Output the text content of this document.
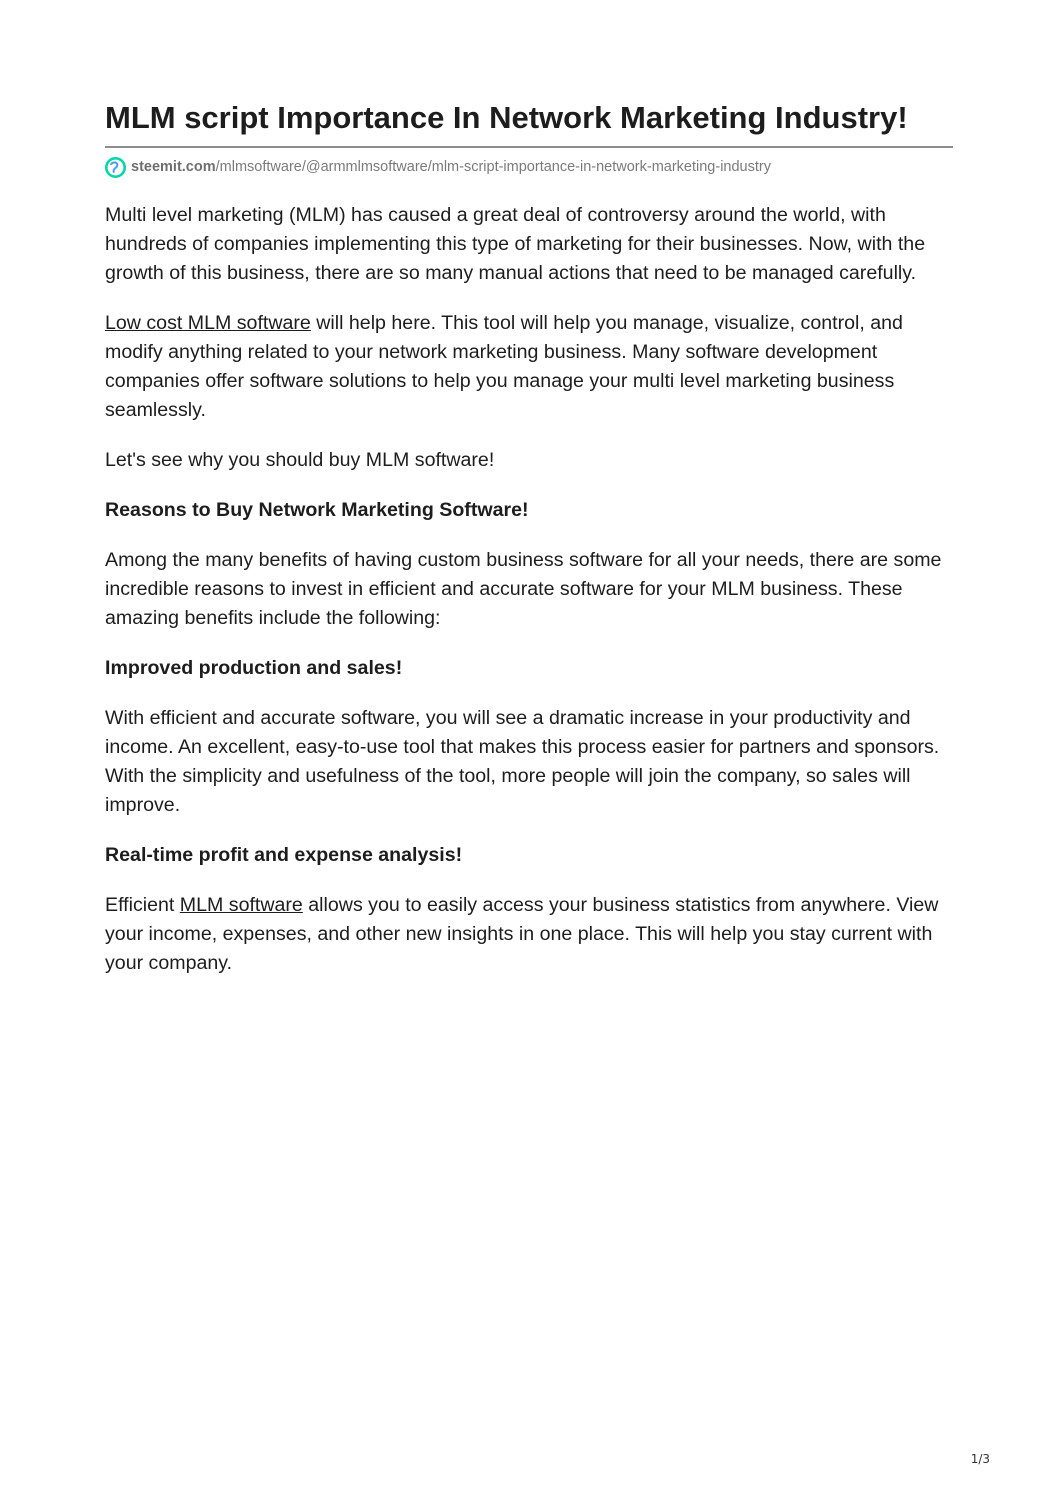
MLM script Importance In Network Marketing Industry!
steemit.com /mlmsoftware/@armmlmsoftware/mlm-script-importance-in-network-marketing-industry

Multi level marketing (MLM) has caused a great deal of controversy around the world, with hundreds of companies implementing this type of marketing for their businesses. Now, with the growth of this business, there are so many manual actions that need to be managed carefully.

Low cost MLM software will help here. This tool will help you manage, visualize, control, and modify anything related to your network marketing business. Many software development companies offer software solutions to help you manage your multi level marketing business seamlessly.

Let's see why you should buy MLM software!

Reasons to Buy Network Marketing Software!

Among the many benefits of having custom business software for all your needs, there are some incredible reasons to invest in efficient and accurate software for your MLM business. These amazing benefits include the following:

Improved production and sales!

With efficient and accurate software, you will see a dramatic increase in your productivity and income. An excellent, easy-to-use tool that makes this process easier for partners and sponsors. With the simplicity and usefulness of the tool, more people will join the company, so sales will improve.

Real-time profit and expense analysis!

Efficient MLM software allows you to easily access your business statistics from anywhere. View your income, expenses, and other new insights in one place. This will help you stay current with your company.

1/3
